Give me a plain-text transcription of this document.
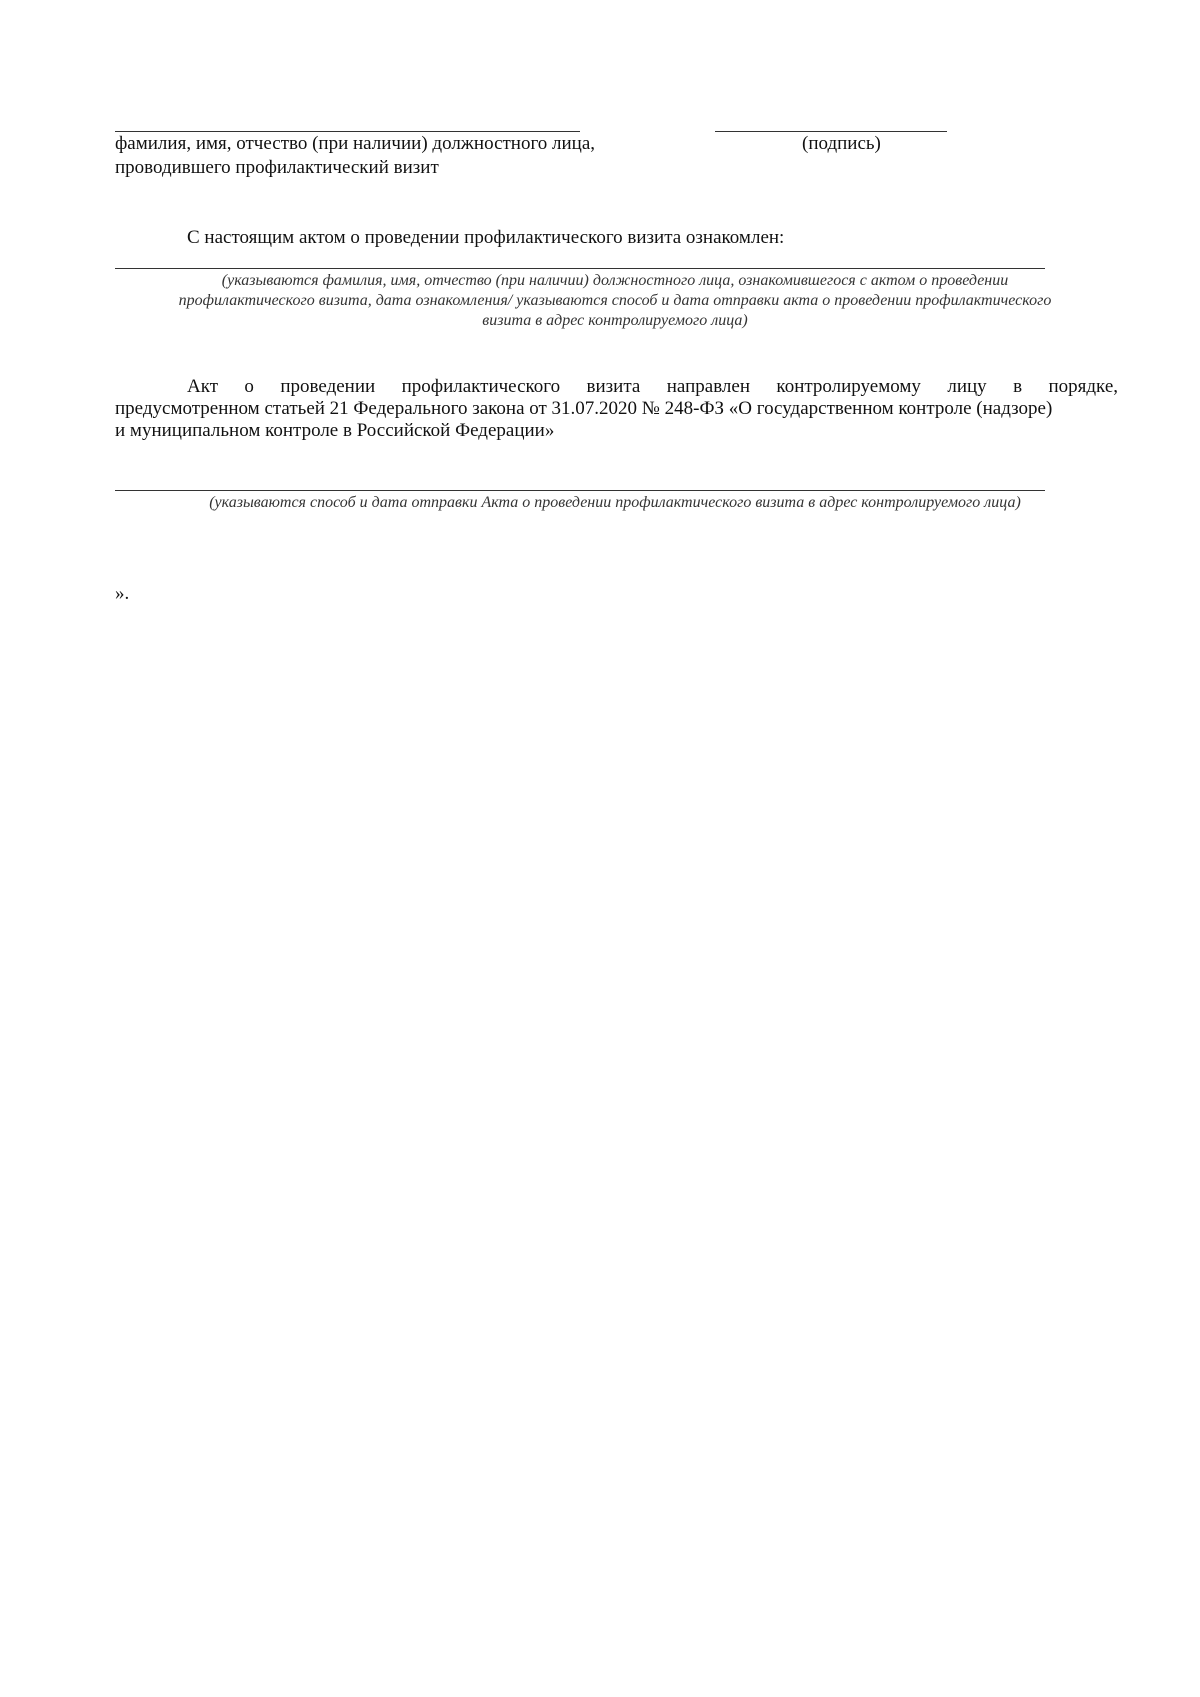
фамилия, имя, отчество (при наличии) должностного лица,
проводившего профилактический визит
(подпись)
С настоящим актом о проведении профилактического визита ознакомлен:
(указываются фамилия, имя, отчество (при наличии) должностного лица, ознакомившегося с актом о проведении
профилактического визита, дата ознакомления/ указываются способ и дата отправки акта о проведении профилактического
визита в адрес контролируемого лица)
Акт о проведении профилактического визита направлен контролируемому лицу в порядке,
предусмотренном статьей 21 Федерального закона от 31.07.2020 № 248-ФЗ «О государственном контроле (надзоре)
и муниципальном контроле в Российской Федерации»
(указываются способ и дата отправки Акта о проведении профилактического визита в адрес контролируемого лица)
».
